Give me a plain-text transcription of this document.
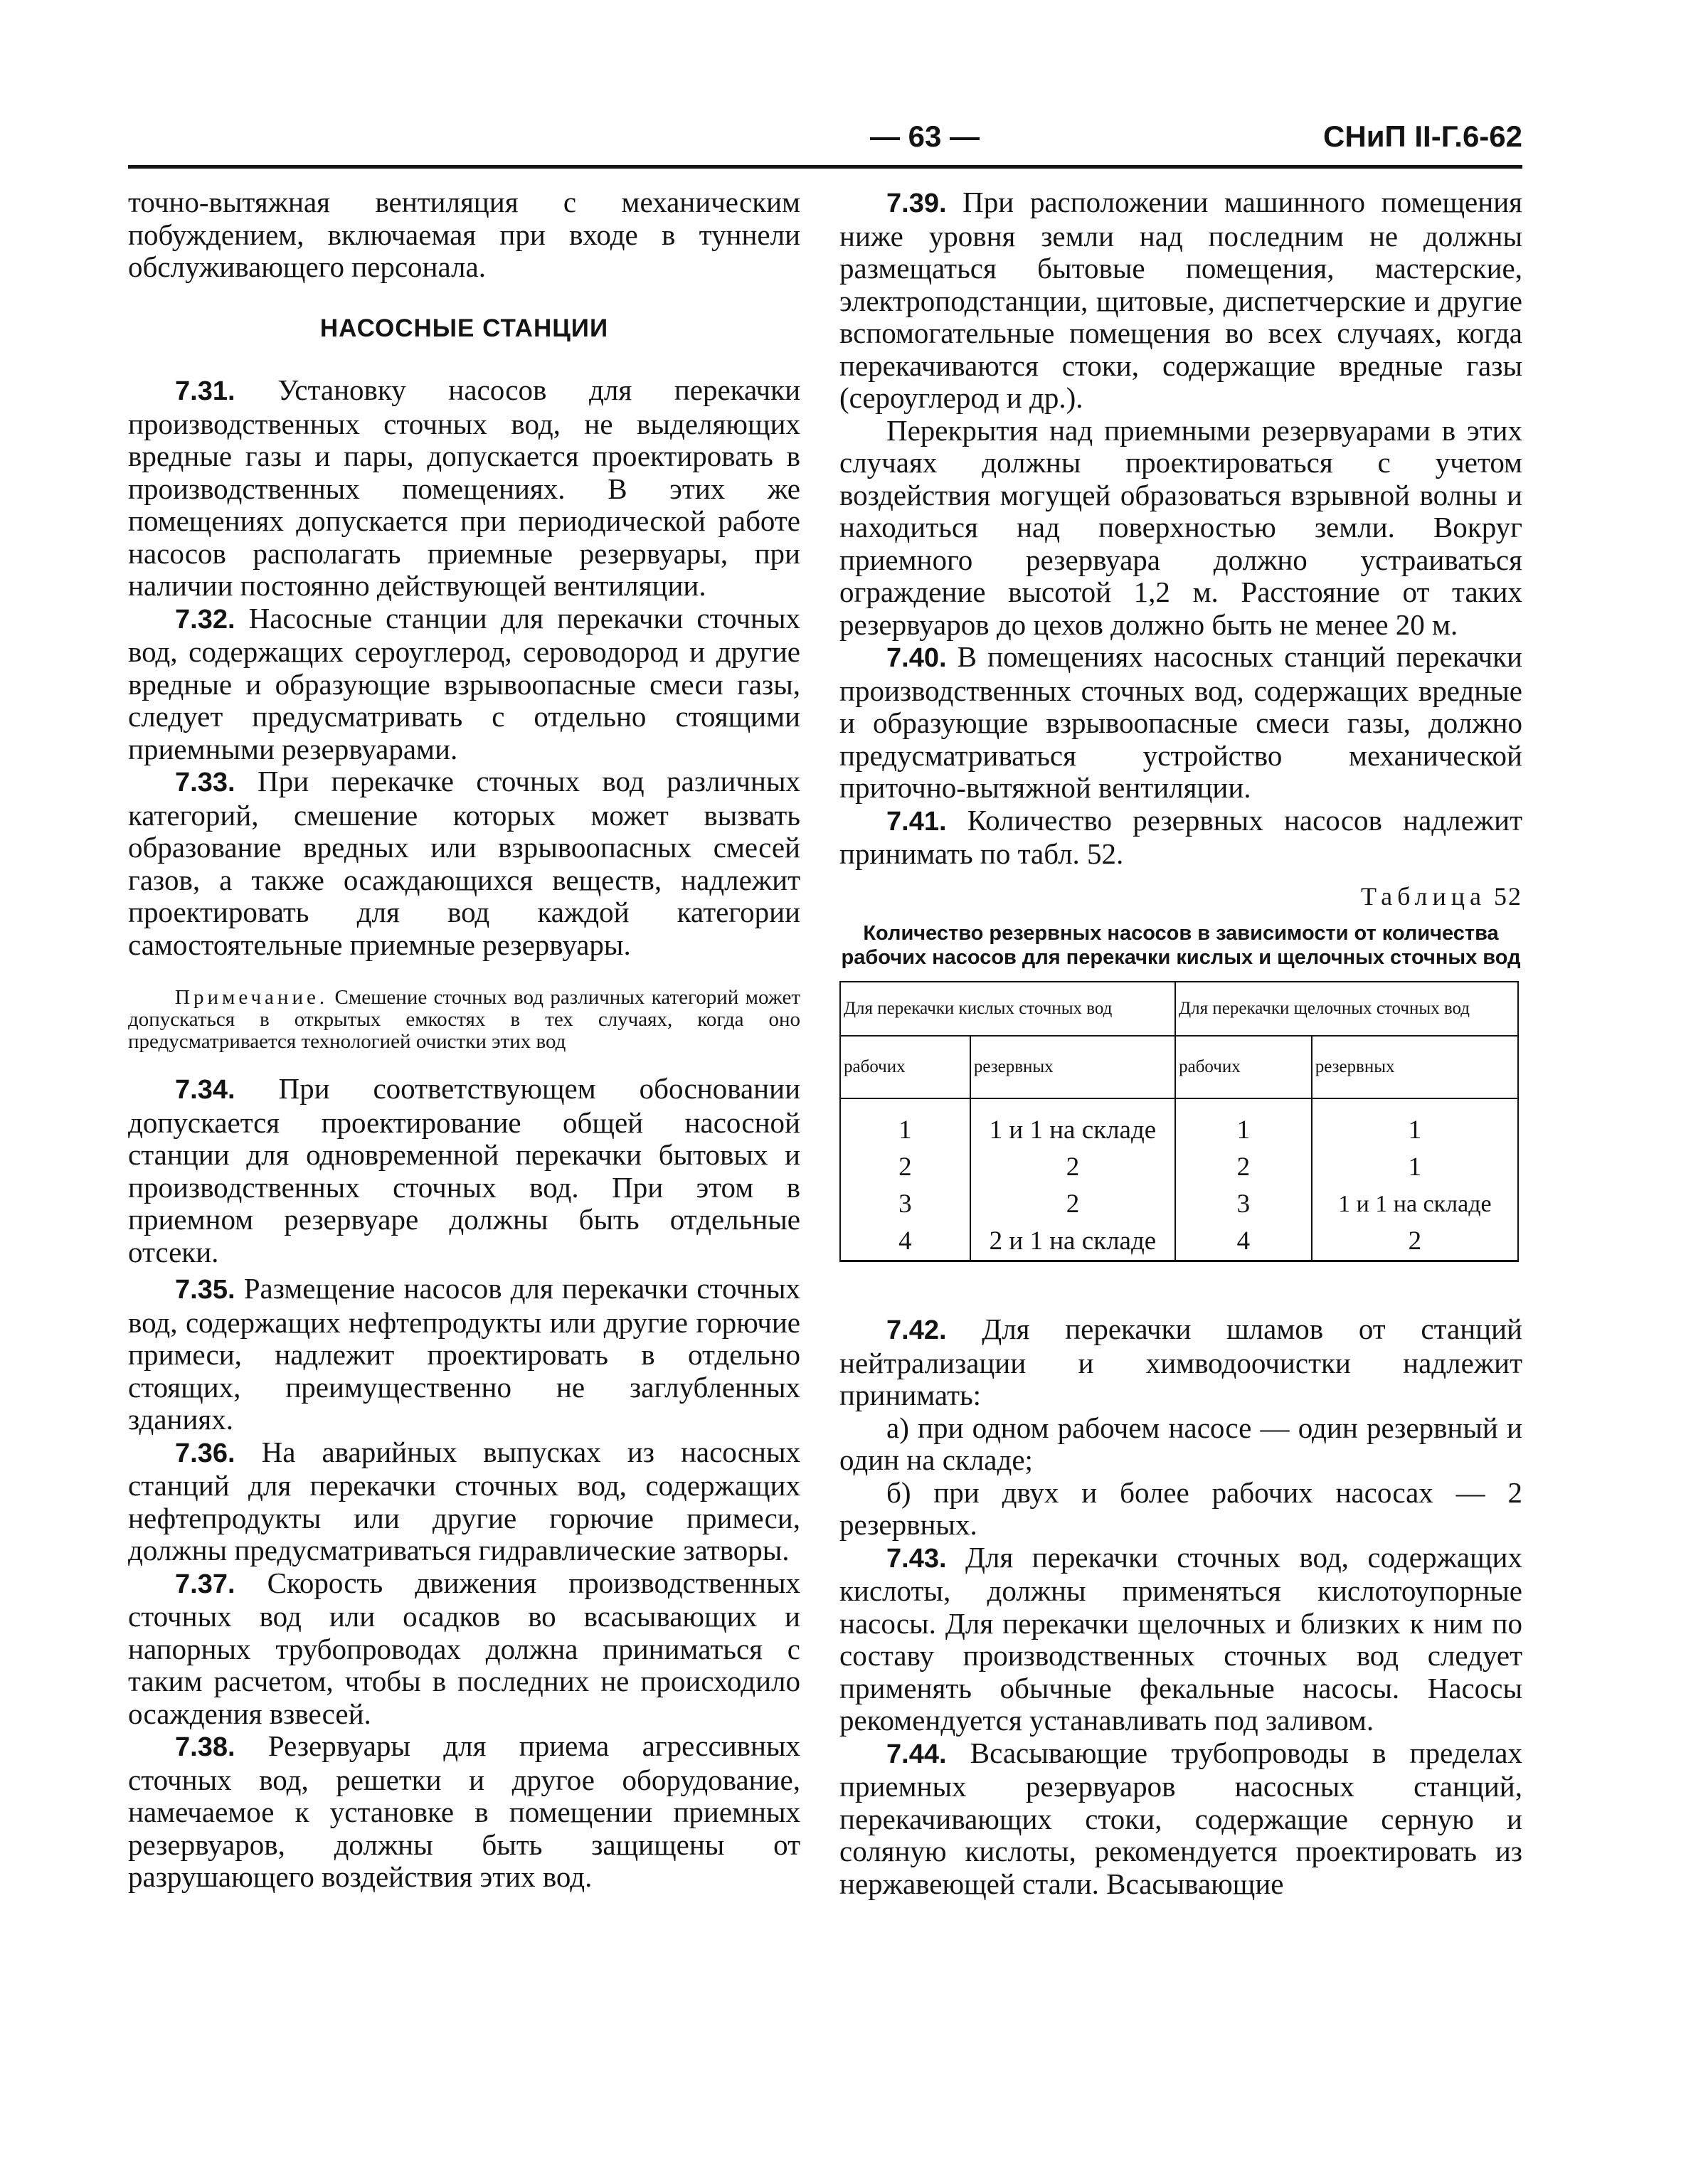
— 63 —	СНиП II-Г.6-62

точно-вытяжная вентиляция с механическим побуждением, включаемая при входе в туннели обслуживающего персонала.

НАСОСНЫЕ СТАНЦИИ

7.31. Установку насосов для перекачки производственных сточных вод, не выделяющих вредные газы и пары, допускается проектировать в производственных помещениях. В этих же помещениях допускается при периодической работе насосов располагать приемные резервуары, при наличии постоянно действующей вентиляции.

7.32. Насосные станции для перекачки сточных вод, содержащих сероуглерод, сероводород и другие вредные и образующие взрывоопасные смеси газы, следует предусматривать с отдельно стоящими приемными резервуарами.

7.33. При перекачке сточных вод различных категорий, смешение которых может вызвать образование вредных или взрывоопасных смесей газов, а также осаждающихся веществ, надлежит проектировать для вод каждой категории самостоятельные приемные резервуары.

Примечание. Смешение сточных вод различных категорий может допускаться в открытых емкостях в тех случаях, когда оно предусматривается технологией очистки этих вод

7.34. При соответствующем обосновании допускается проектирование общей насосной станции для одновременной перекачки бытовых и производственных сточных вод. При этом в приемном резервуаре должны быть отдельные отсеки.

7.35. Размещение насосов для перекачки сточных вод, содержащих нефтепродукты или другие горючие примеси, надлежит проектировать в отдельно стоящих, преимущественно не заглубленных зданиях.

7.36. На аварийных выпусках из насосных станций для перекачки сточных вод, содержащих нефтепродукты или другие горючие примеси, должны предусматриваться гидравлические затворы.

7.37. Скорость движения производственных сточных вод или осадков во всасывающих и напорных трубопроводах должна приниматься с таким расчетом, чтобы в последних не происходило осаждения взвесей.

7.38. Резервуары для приема агрессивных сточных вод, решетки и другое оборудование, намечаемое к установке в помещении приемных резервуаров, должны быть защищены от разрушающего воздействия этих вод.

7.39. При расположении машинного помещения ниже уровня земли над последним не должны размещаться бытовые помещения, мастерские, электроподстанции, щитовые, диспетчерские и другие вспомогательные помещения во всех случаях, когда перекачиваются стоки, содержащие вредные газы (сероуглерод и др.).

Перекрытия над приемными резервуарами в этих случаях должны проектироваться с учетом воздействия могущей образоваться взрывной волны и находиться над поверхностью земли. Вокруг приемного резервуара должно устраиваться ограждение высотой 1,2 м. Расстояние от таких резервуаров до цехов должно быть не менее 20 м.

7.40. В помещениях насосных станций перекачки производственных сточных вод, содержащих вредные и образующие взрывоопасные смеси газы, должно предусматриваться устройство механической приточно-вытяжной вентиляции.

7.41. Количество резервных насосов надлежит принимать по табл. 52.

Таблица 52
Количество резервных насосов в зависимости от количества рабочих насосов для перекачки кислых и щелочных сточных вод
Для перекачки кислых сточных вод		Для перекачки щелочных сточных вод	
рабочих	резервных	рабочих	резервных
1	1 и 1 на складе	1	1
2	2	2	1
3	2	3	1 и 1 на складе
4	2 и 1 на складе	4	2

7.42. Для перекачки шламов от станций нейтрализации и химводоочистки надлежит принимать:

а) при одном рабочем насосе — один резервный и один на складе;

б) при двух и более рабочих насосах — 2 резервных.

7.43. Для перекачки сточных вод, содержащих кислоты, должны применяться кислотоупорные насосы. Для перекачки щелочных и близких к ним по составу производственных сточных вод следует применять обычные фекальные насосы. Насосы рекомендуется устанавливать под заливом.

7.44. Всасывающие трубопроводы в пределах приемных резервуаров насосных станций, перекачивающих стоки, содержащие серную и соляную кислоты, рекомендуется проектировать из нержавеющей стали. Всасывающие
